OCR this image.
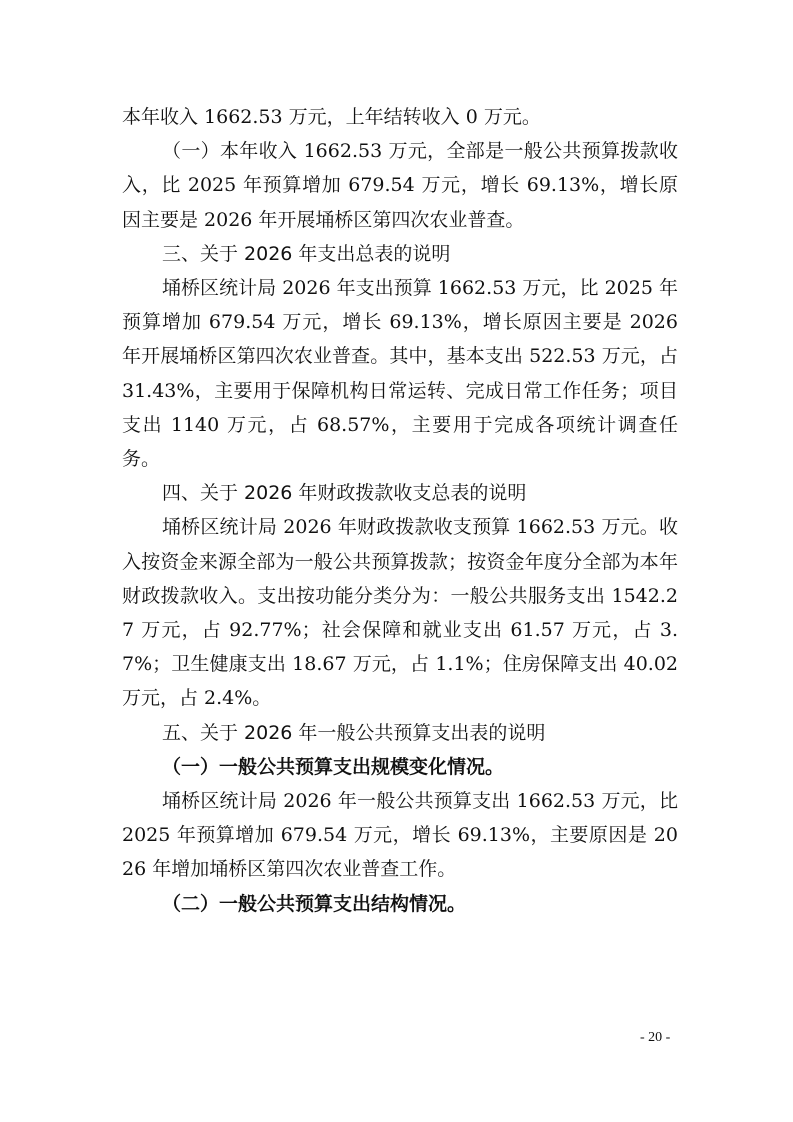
本年收入 1662.53 万元，上年结转收入 0 万元。

（一）本年收入 1662.53 万元，全部是一般公共预算拨款收入，比 2025 年预算增加 679.54 万元，增长 69.13%，增长原因主要是 2026 年开展埇桥区第四次农业普查。

三、关于 2026 年支出总表的说明

埇桥区统计局 2026 年支出预算 1662.53 万元，比 2025 年预算增加 679.54 万元，增长 69.13%，增长原因主要是 2026 年开展埇桥区第四次农业普查。其中，基本支出 522.53 万元，占 31.43%，主要用于保障机构日常运转、完成日常工作任务；项目支出 1140 万元，占 68.57%，主要用于完成各项统计调查任务。

四、关于 2026 年财政拨款收支总表的说明

埇桥区统计局 2026 年财政拨款收支预算 1662.53 万元。收入按资金来源全部为一般公共预算拨款；按资金年度分全部为本年财政拨款收入。支出按功能分类分为：一般公共服务支出 1542.27 万元，占 92.77%；社会保障和就业支出 61.57 万元，占 3.7%；卫生健康支出 18.67 万元，占 1.1%；住房保障支出 40.02 万元，占 2.4%。

五、关于 2026 年一般公共预算支出表的说明

（一）一般公共预算支出规模变化情况。

埇桥区统计局 2026 年一般公共预算支出 1662.53 万元，比 2025 年预算增加 679.54 万元，增长 69.13%，主要原因是 2026 年增加埇桥区第四次农业普查工作。

（二）一般公共预算支出结构情况。

- 20 -
